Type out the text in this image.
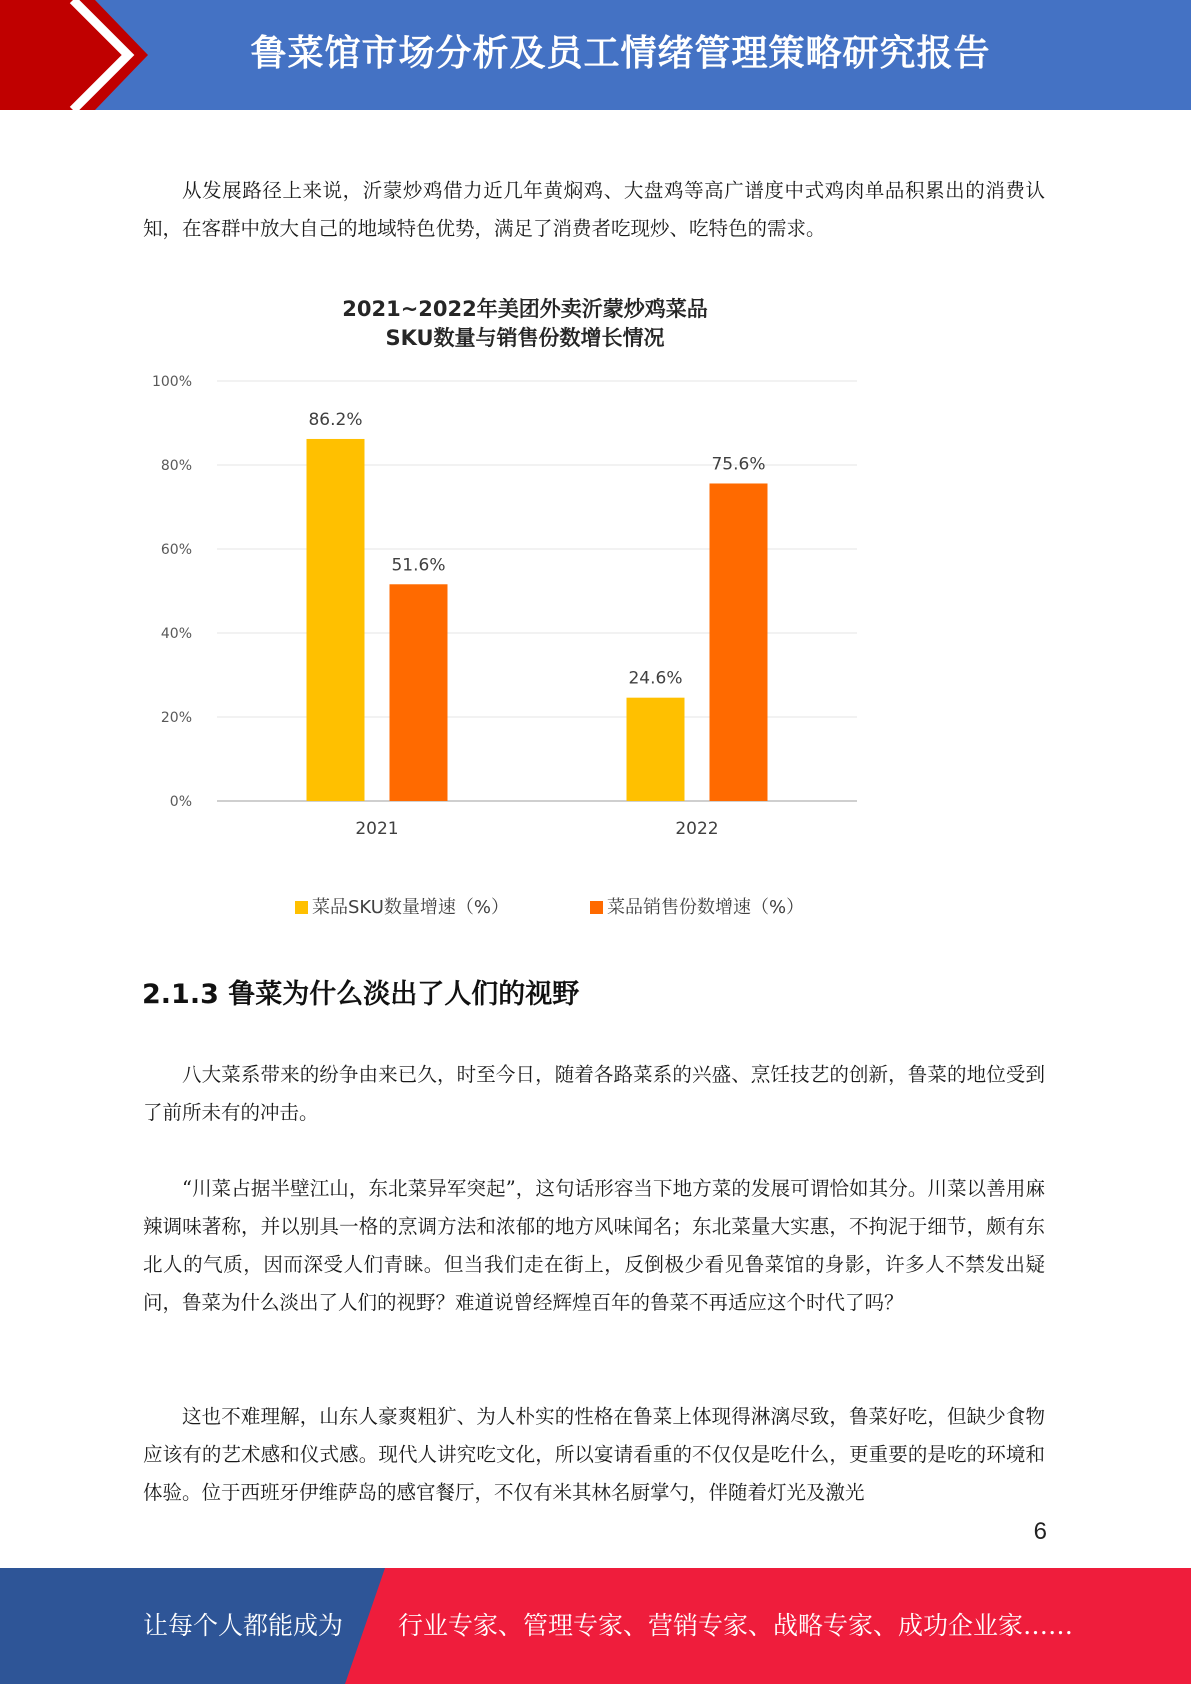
鲁菜馆市场分析及员工情绪管理策略研究报告

从发展路径上来说，沂蒙炒鸡借力近几年黄焖鸡、大盘鸡等高广谱度中式鸡肉单品积累出的消费认知，在客群中放大自己的地域特色优势，满足了消费者吃现炒、吃特色的需求。

2021~2022年美团外卖沂蒙炒鸡菜品
SKU数量与销售份数增长情况
0%
20%
40%
60%
80%
100%
86.2%
51.6%
2021
24.6%
75.6%
2022
菜品SKU数量增速（%）	菜品销售份数增速（%）
2.1.3 鲁菜为什么淡出了人们的视野

八大菜系带来的纷争由来已久，时至今日，随着各路菜系的兴盛、烹饪技艺的创新，鲁菜的地位受到了前所未有的冲击。

“川菜占据半壁江山，东北菜异军突起”，这句话形容当下地方菜的发展可谓恰如其分。川菜以善用麻辣调味著称，并以别具一格的烹调方法和浓郁的地方风味闻名；东北菜量大实惠，不拘泥于细节，颇有东北人的气质，因而深受人们青睐。但当我们走在街上，反倒极少看见鲁菜馆的身影，许多人不禁发出疑问，鲁菜为什么淡出了人们的视野？难道说曾经辉煌百年的鲁菜不再适应这个时代了吗？

这也不难理解，山东人豪爽粗犷、为人朴实的性格在鲁菜上体现得淋漓尽致，鲁菜好吃，但缺少食物应该有的艺术感和仪式感。现代人讲究吃文化，所以宴请看重的不仅仅是吃什么，更重要的是吃的环境和体验。位于西班牙伊维萨岛的感官餐厅，不仅有米其林名厨掌勺，伴随着灯光及激光

6
让每个人都能成为 行业专家、管理专家、营销专家、战略专家、成功企业家……
